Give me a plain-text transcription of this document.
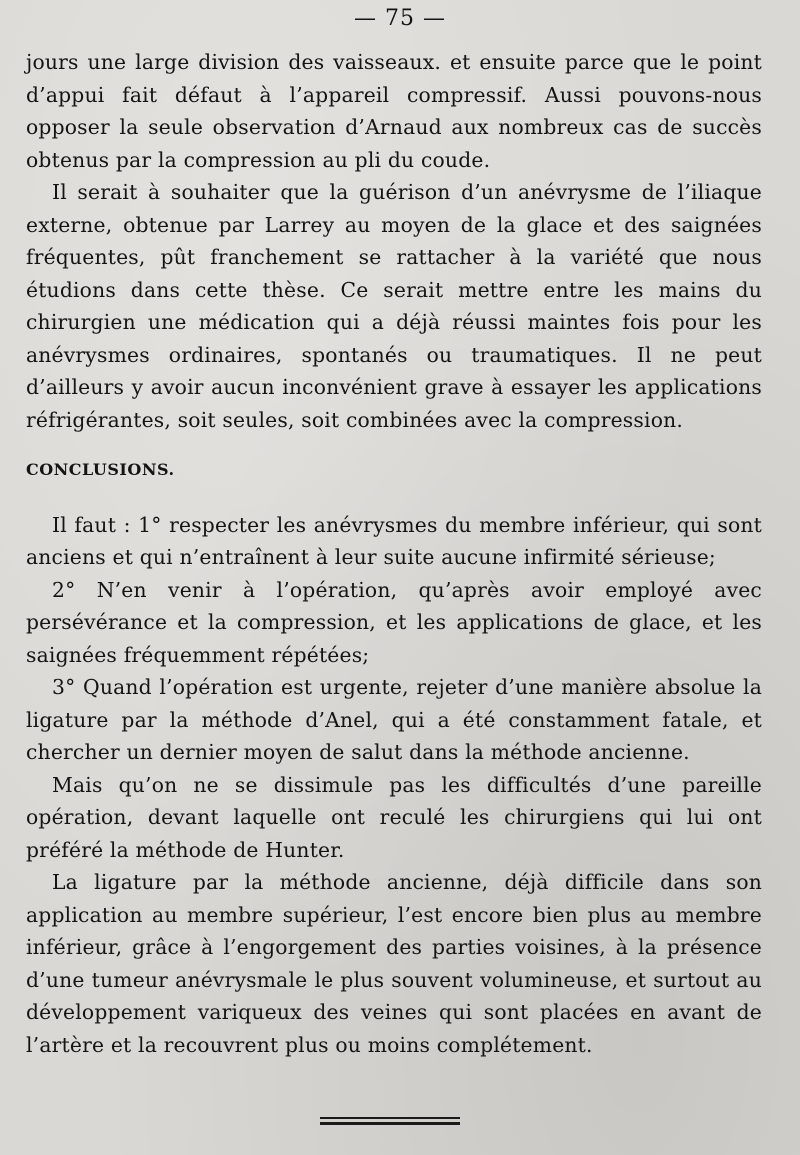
— 75 —

jours une large division des vaisseaux. et ensuite parce que le point d’appui fait défaut à l’appareil compressif. Aussi pouvons-nous opposer la seule observation d’Arnaud aux nombreux cas de succès obtenus par la compression au pli du coude.

Il serait à souhaiter que la guérison d’un anévrysme de l’iliaque externe, obtenue par Larrey au moyen de la glace et des saignées fréquentes, pût franchement se rattacher à la variété que nous étudions dans cette thèse. Ce serait mettre entre les mains du chirurgien une médication qui a déjà réussi maintes fois pour les anévrysmes ordinaires, spontanés ou traumatiques. Il ne peut d’ailleurs y avoir aucun inconvénient grave à essayer les applications réfrigérantes, soit seules, soit combinées avec la compression.

CONCLUSIONS.

Il faut : 1° respecter les anévrysmes du membre inférieur, qui sont anciens et qui n’entraînent à leur suite aucune infirmité sérieuse;

2° N’en venir à l’opération, qu’après avoir employé avec persévérance et la compression, et les applications de glace, et les saignées fréquemment répétées;

3° Quand l’opération est urgente, rejeter d’une manière absolue la ligature par la méthode d’Anel, qui a été constamment fatale, et chercher un dernier moyen de salut dans la méthode ancienne.

Mais qu’on ne se dissimule pas les difficultés d’une pareille opération, devant laquelle ont reculé les chirurgiens qui lui ont préféré la méthode de Hunter.

La ligature par la méthode ancienne, déjà difficile dans son application au membre supérieur, l’est encore bien plus au membre inférieur, grâce à l’engorgement des parties voisines, à la présence d’une tumeur anévrysmale le plus souvent volumineuse, et surtout au développement variqueux des veines qui sont placées en avant de l’artère et la recouvrent plus ou moins complétement.
